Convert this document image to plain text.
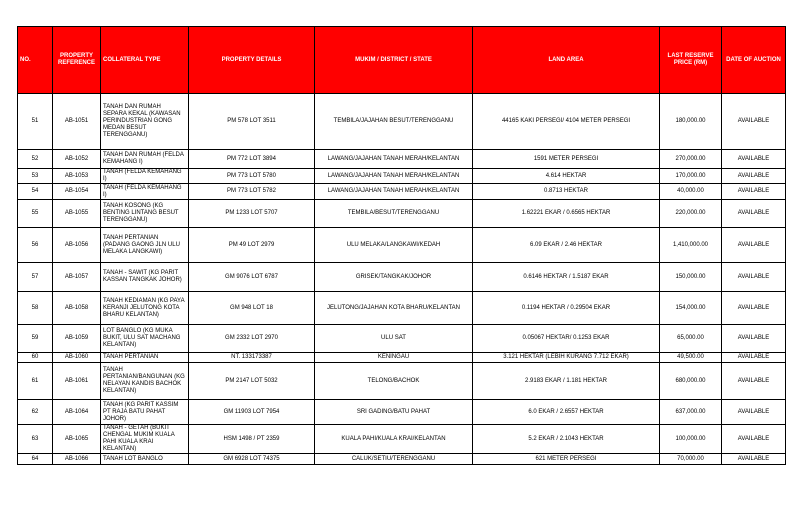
NO.	PROPERTY REFERENCE	COLLATERAL TYPE	PROPERTY DETAILS	MUKIM / DISTRICT / STATE	LAND AREA	LAST RESERVE PRICE (RM)	DATE OF AUCTION
51	AB-1051	TANAH DAN RUMAH SEPARA KEKAL (KAWASAN PERINDUSTRIAN GONG MEDAN BESUT TERENGGANU)	PM 578 LOT 3511	TEMBILA/JAJAHAN BESUT/TERENGGANU	44165 KAKI PERSEGI/ 4104 METER PERSEGI	180,000.00	AVAILABLE
52	AB-1052	TANAH DAN RUMAH (FELDA KEMAHANG I)	PM 772 LOT 3894	LAWANG/JAJAHAN TANAH MERAH/KELANTAN	1591 METER PERSEGI	270,000.00	AVAILABLE
53	AB-1053	TANAH (FELDA KEMAHANG I)	PM 773 LOT 5780	LAWANG/JAJAHAN TANAH MERAH/KELANTAN	4.614 HEKTAR	170,000.00	AVAILABLE
54	AB-1054	TANAH (FELDA KEMAHANG I)	PM 773 LOT 5782	LAWANG/JAJAHAN TANAH MERAH/KELANTAN	0.8713 HEKTAR	40,000.00	AVAILABLE
55	AB-1055	TANAH KOSONG (KG BENTING LINTANG BESUT TERENGGANU)	PM 1233 LOT 5707	TEMBILA/BESUT/TERENGGANU	1.62221 EKAR / 0.6565 HEKTAR	220,000.00	AVAILABLE
56	AB-1056	TANAH PERTANIAN (PADANG GAONG JLN ULU MELAKA LANGKAWI)	PM 49 LOT 2979	ULU MELAKA/LANGKAWI/KEDAH	6.09 EKAR / 2.46 HEKTAR	1,410,000.00	AVAILABLE
57	AB-1057	TANAH - SAWIT (KG PARIT KASSAN TANGKAK JOHOR)	GM 9076 LOT 6787	GRISEK/TANGKAK/JOHOR	0.6146 HEKTAR / 1.5187 EKAR	150,000.00	AVAILABLE
58	AB-1058	TANAH KEDIAMAN (KG PAYA KERANJI JELUTONG KOTA BHARU KELANTAN)	GM 948 LOT 18	JELUTONG/JAJAHAN KOTA BHARU/KELANTAN	0.1194 HEKTAR / 0.29504 EKAR	154,000.00	AVAILABLE
59	AB-1059	LOT BANGLO (KG MUKA BUKIT, ULU SAT MACHANG KELANTAN)	GM 2332 LOT 2970	ULU SAT	0.05067 HEKTAR/ 0.1253 EKAR	65,000.00	AVAILABLE
60	AB-1060	TANAH PERTANIAN	NT. 133173387	KENINGAU	3.121 HEKTAR (LEBIH KURANG 7.712 EKAR)	49,500.00	AVAILABLE
61	AB-1061	TANAH PERTANIAN/BANGUNAN (KG NELAYAN KANDIS BACHOK KELANTAN)	PM 2147 LOT 5032	TELONG/BACHOK	2.9183 EKAR / 1.181 HEKTAR	680,000.00	AVAILABLE
62	AB-1064	TANAH (KG PARIT KASSIM PT RAJA BATU PAHAT JOHOR)	GM 11903 LOT 7954	SRI GADING/BATU PAHAT	6.0 EKAR / 2.6557 HEKTAR	637,000.00	AVAILABLE
63	AB-1065	TANAH - GETAH (BUKIT CHENGAL MUKIM KUALA PAHI KUALA KRAI KELANTAN)	HSM 1498 / PT 2359	KUALA PAHI/KUALA KRAI/KELANTAN	5.2 EKAR / 2.1043 HEKTAR	100,000.00	AVAILABLE
64	AB-1066	TANAH LOT BANGLO	GM 6928 LOT 74375	CALUK/SETIU/TERENGGANU	621 METER PERSEGI	70,000.00	AVAILABLE
